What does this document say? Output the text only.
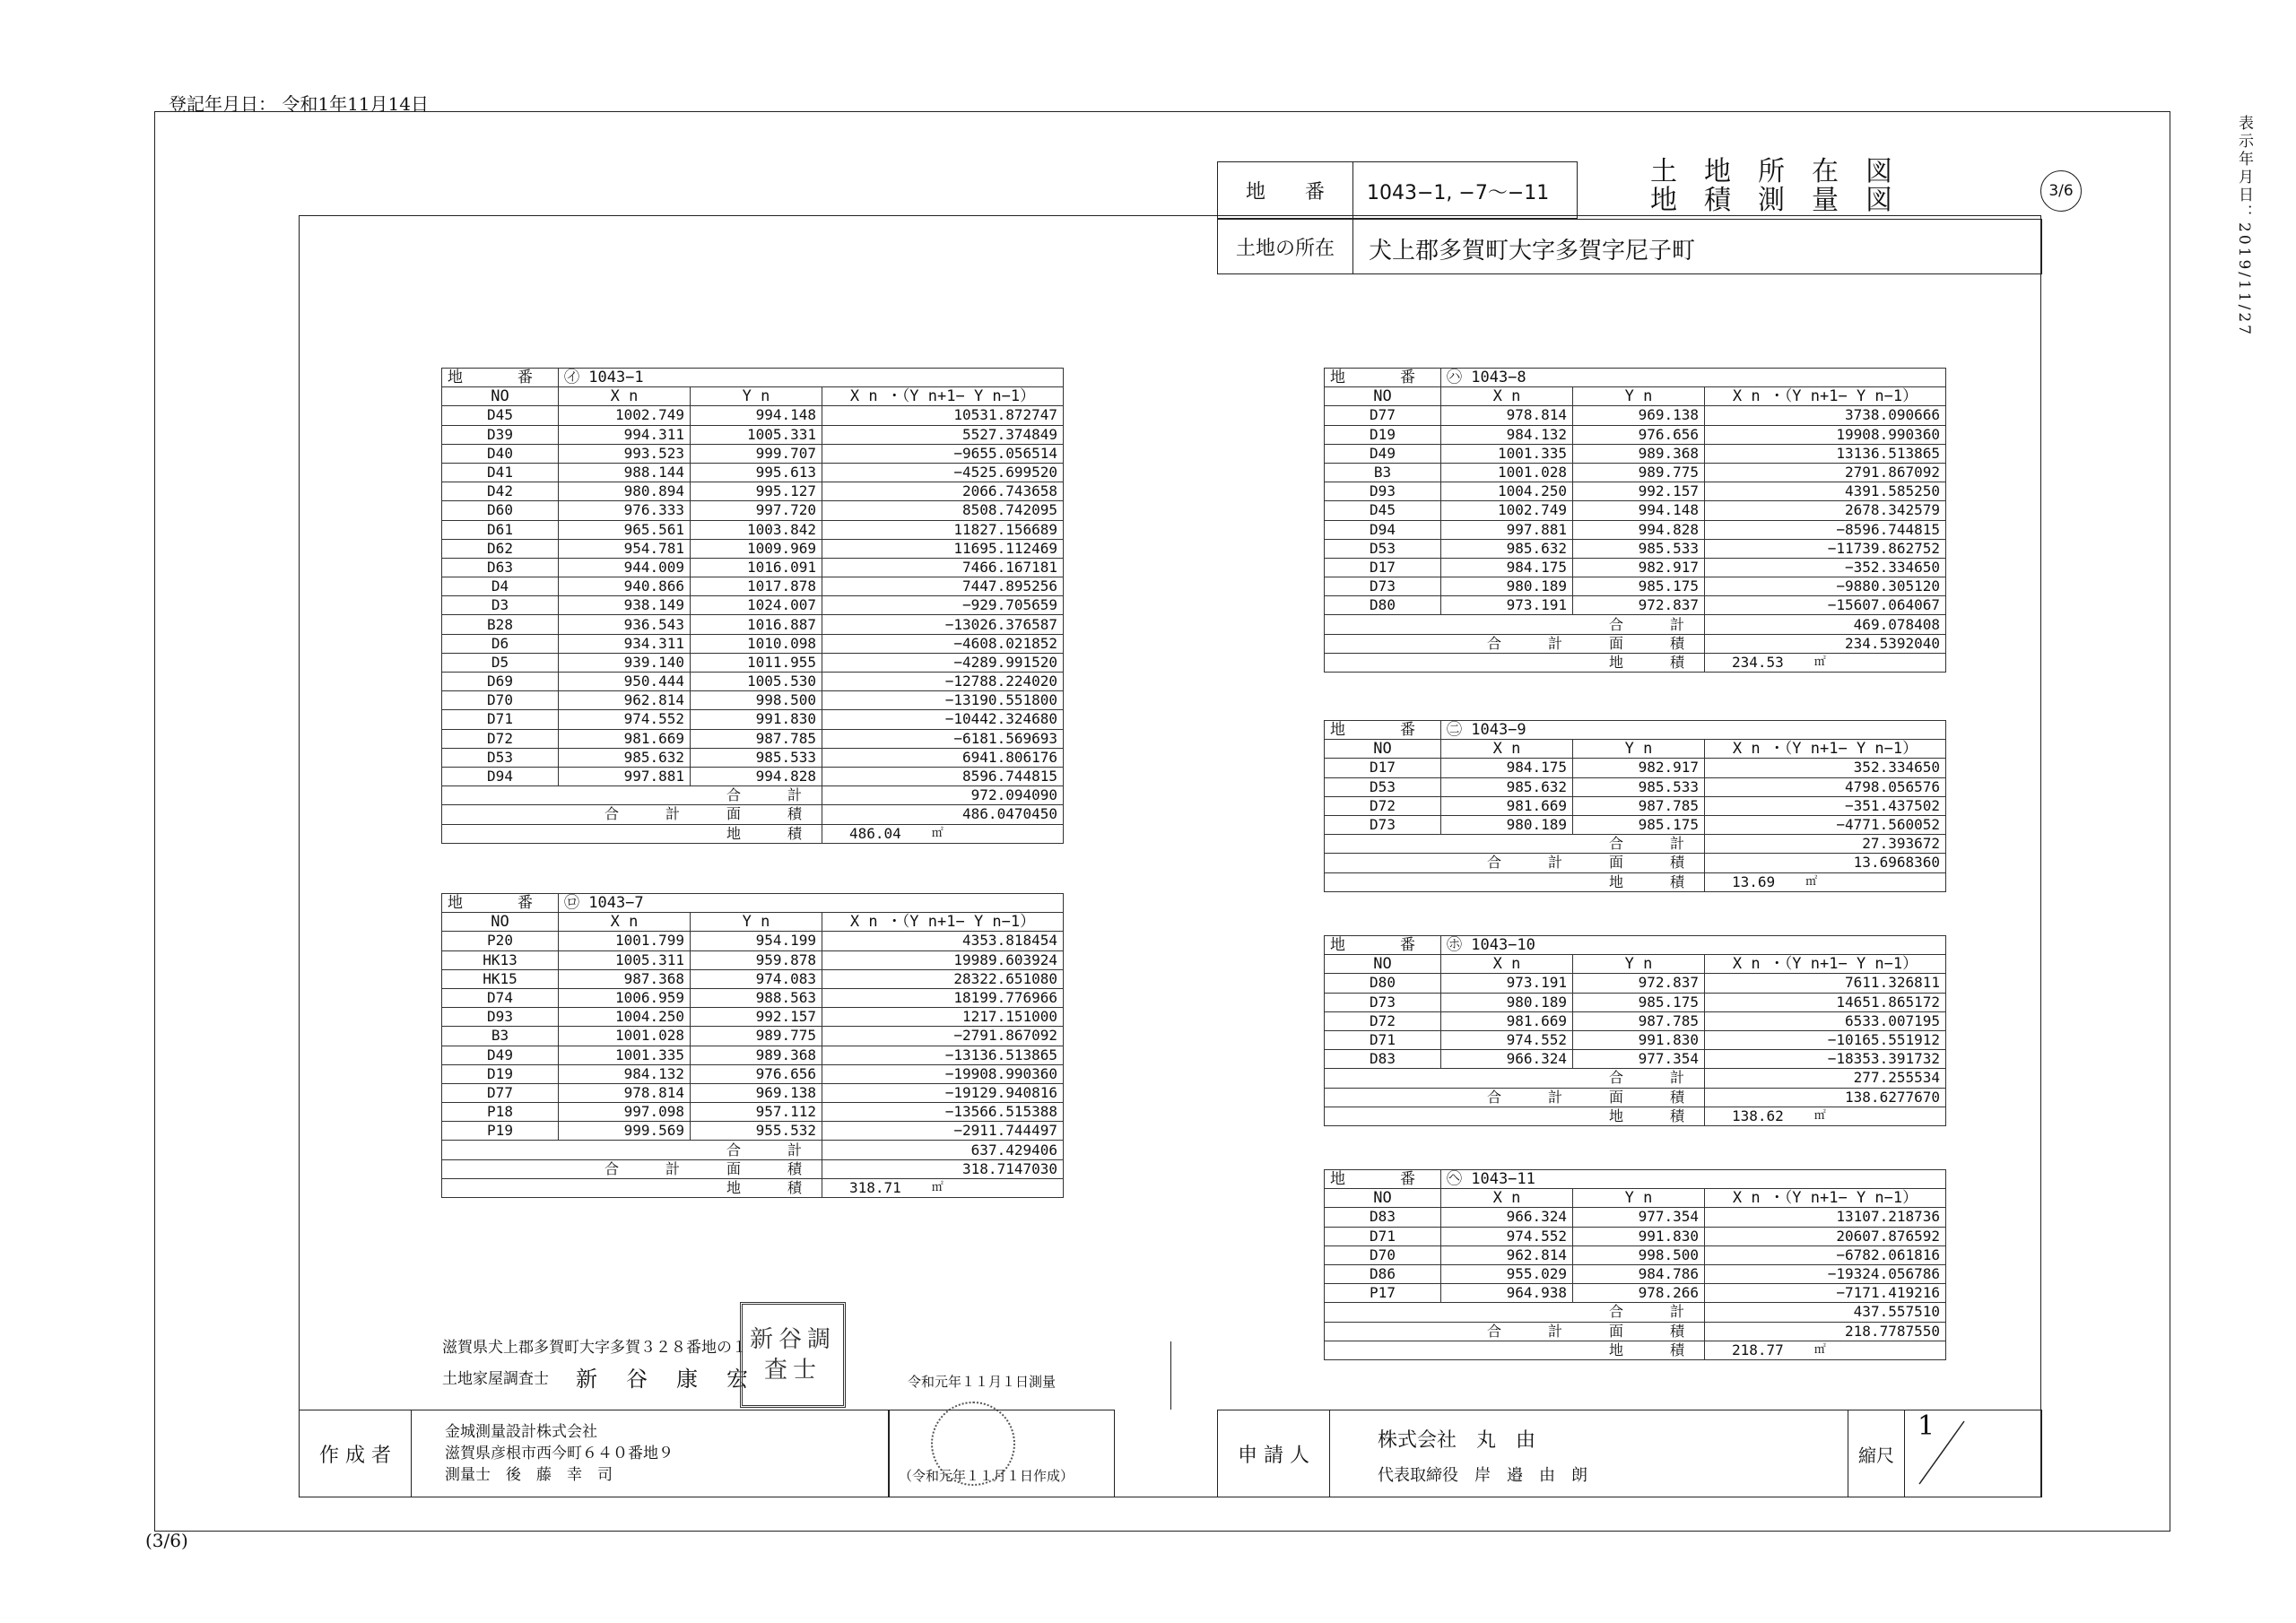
登記年月日： 令和1年11月14日
表示年月日：2019/11/27
(3/6)
地　　番	1043−1, −7〜−11
土地の所在	犬上郡多賀町大字多賀字尼子町
土　地　所　在　図
地　積　測　量　図	3/6
地　番	㋑ 1043−1		
NO	X n	Y n	X n ・（Y n+1− Y n−1）
D45	1002.749	994.148	10531.872747
D39	994.311	1005.331	5527.374849
D40	993.523	999.707	−9655.056514
D41	988.144	995.613	−4525.699520
D42	980.894	995.127	2066.743658
D60	976.333	997.720	8508.742095
D61	965.561	1003.842	11827.156689
D62	954.781	1009.969	11695.112469
D63	944.009	1016.091	7466.167181
D4	940.866	1017.878	7447.895256
D3	938.149	1024.007	−929.705659
B28	936.543	1016.887	−13026.376587
D6	934.311	1010.098	−4608.021852
D5	939.140	1011.955	−4289.991520
D69	950.444	1005.530	−12788.224020
D70	962.814	998.500	−13190.551800
D71	974.552	991.830	−10442.324680
D72	981.669	987.785	−6181.569693
D53	985.632	985.533	6941.806176
D94	997.881	994.828	8596.744815
合　計			972.094090
合　計　面　積			486.0470450
地　積			486.04 ㎡
地　番	㋺ 1043−7		
NO	X n	Y n	X n ・（Y n+1− Y n−1）
P20	1001.799	954.199	4353.818454
HK13	1005.311	959.878	19989.603924
HK15	987.368	974.083	28322.651080
D74	1006.959	988.563	18199.776966
D93	1004.250	992.157	1217.151000
B3	1001.028	989.775	−2791.867092
D49	1001.335	989.368	−13136.513865
D19	984.132	976.656	−19908.990360
D77	978.814	969.138	−19129.940816
P18	997.098	957.112	−13566.515388
P19	999.569	955.532	−2911.744497
合　計			637.429406
合　計　面　積			318.7147030
地　積			318.71 ㎡
地　番	㋩ 1043−8		
NO	X n	Y n	X n ・（Y n+1− Y n−1）
D77	978.814	969.138	3738.090666
D19	984.132	976.656	19908.990360
D49	1001.335	989.368	13136.513865
B3	1001.028	989.775	2791.867092
D93	1004.250	992.157	4391.585250
D45	1002.749	994.148	2678.342579
D94	997.881	994.828	−8596.744815
D53	985.632	985.533	−11739.862752
D17	984.175	982.917	−352.334650
D73	980.189	985.175	−9880.305120
D80	973.191	972.837	−15607.064067
合　計			469.078408
合　計　面　積			234.5392040
地　積			234.53 ㎡
地　番	㊁ 1043−9		
NO	X n	Y n	X n ・（Y n+1− Y n−1）
D17	984.175	982.917	352.334650
D53	985.632	985.533	4798.056576
D72	981.669	987.785	−351.437502
D73	980.189	985.175	−4771.560052
合　計			27.393672
合　計　面　積			13.6968360
地　積			13.69 ㎡
地　番	㋭ 1043−10		
NO	X n	Y n	X n ・（Y n+1− Y n−1）
D80	973.191	972.837	7611.326811
D73	980.189	985.175	14651.865172
D72	981.669	987.785	6533.007195
D71	974.552	991.830	−10165.551912
D83	966.324	977.354	−18353.391732
合　計			277.255534
合　計　面　積			138.6277670
地　積			138.62 ㎡
地　番	㋬ 1043−11		
NO	X n	Y n	X n ・（Y n+1− Y n−1）
D83	966.324	977.354	13107.218736
D71	974.552	991.830	20607.876592
D70	962.814	998.500	−6782.061816
D86	955.029	984.786	−19324.056786
P17	964.938	978.266	−7171.419216
合　計			437.557510
合　計　面　積			218.7787550
地　積			218.77 ㎡
滋賀県犬上郡多賀町大字多賀３２８番地の１
土地家屋調査士 新　谷　康　宏	令和元年１１月１日測量
新谷調査士
作 成 者
金城測量設計株式会社
滋賀県彦根市西今町６４０番地９
測量士　後　藤　幸　司	（令和元年１１月１日作成）
申 請 人
株式会社　丸　由
代表取締役　岸　邉　由　朗
縮尺
1
